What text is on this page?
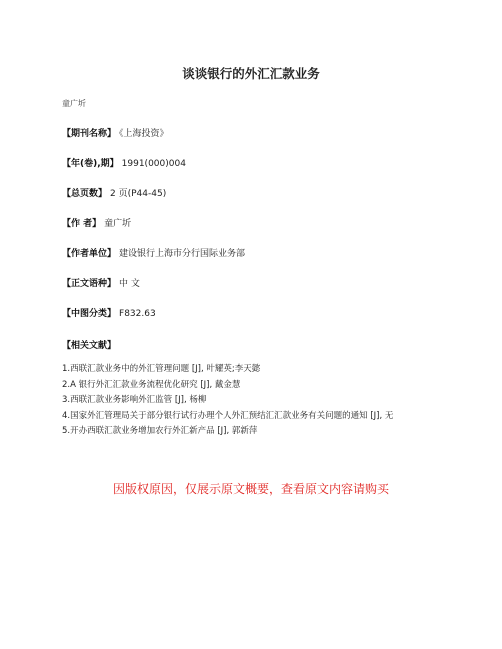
谈谈银行的外汇汇款业务
童广圻
【期刊名称】 《上海投资》
【年(卷),期】 1991(000)004
【总页数】 2 页(P44-45)
【作 者】 童广圻
【作者单位】 建设银行上海市分行国际业务部
【正文语种】 中 文
【中图分类】 F832.63
【相关文献】
1.西联汇款业务中的外汇管理问题 [J], 叶耀英;李天懿
2.A 银行外汇汇款业务流程优化研究 [J], 戴金慧
3.西联汇款业务影响外汇监管 [J], 杨柳
4.国家外汇管理局关于部分银行试行办理个人外汇预结汇汇款业务有关问题的通知 [J], 无
5.开办西联汇款业务增加农行外汇新产品 [J], 郭新萍
因版权原因，仅展示原文概要，查看原文内容请购买
